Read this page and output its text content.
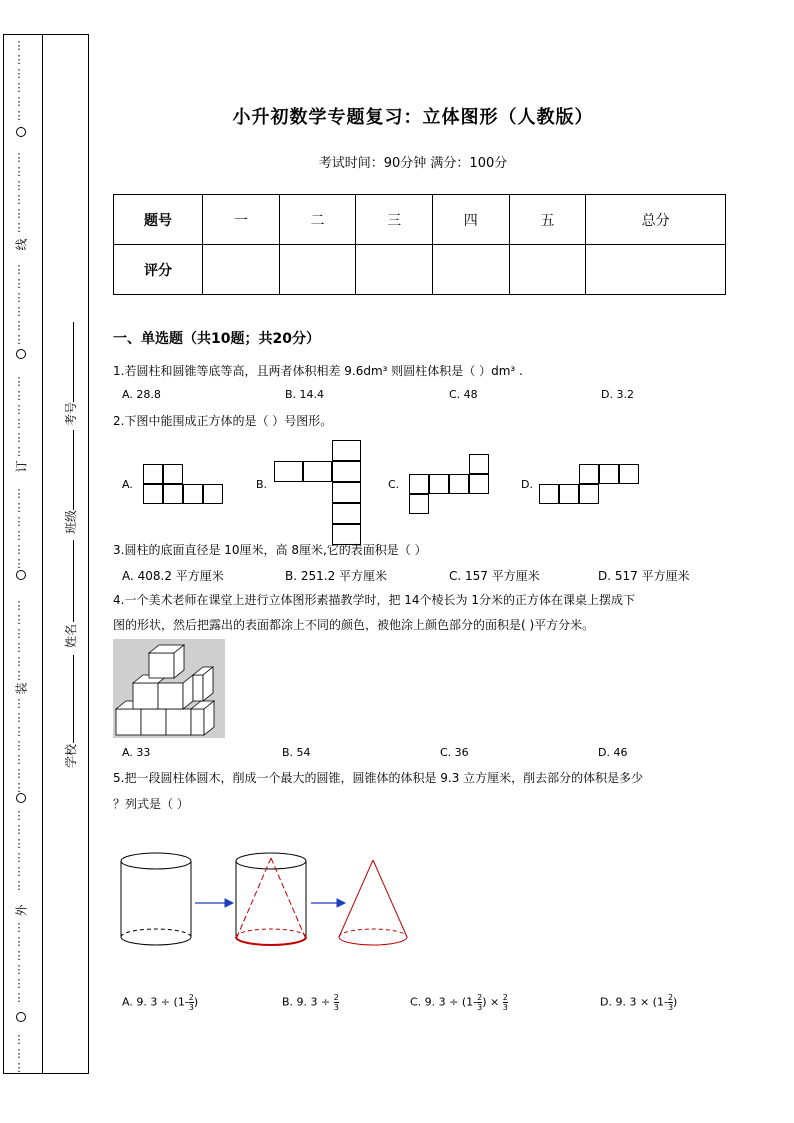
⋮
⋮
⋮
⋮
⋮
⋮
⋮
⋮
⋮
⋮
⋮
⋮
⋮
⋮
⋮
⋮
⋮
⋮
⋮
⋮
⋮
⋮
⋮
⋮
⋮
⋮
⋮
⋮
⋮
⋮
⋮
⋮
⋮
⋮
⋮
⋮
⋮
⋮
⋮
⋮
⋮
⋮
⋮
⋮
⋮
⋮
⋮
⋮
⋮
⋮
⋮
⋮
⋮
⋮
⋮
⋮
⋮
⋮
线
订
装
外
考号
班级
姓名
学校
小升初数学专题复习：立体图形（人教版）
考试时间：90分钟 满分：100分
题号	一	二	三	四	五	总分
评分						
一、单选题（共10题；共20分）
1.若圆柱和圆锥等底等高，且两者体积相差 9.6dm³ 则圆柱体积是（ ）dm³ .
A. 28.8	B. 14.4	C. 48	D. 3.2
2.下图中能围成正方体的是（ ）号图形。
A.	B.	C.	D.
3.圆柱的底面直径是 10厘米，高 8厘米,它的表面积是（ ）
A. 408.2 平方厘米	B. 251.2 平方厘米	C. 157 平方厘米	D. 517 平方厘米
4.一个美术老师在课堂上进行立体图形素描教学时，把 14个棱长为 1分米的正方体在课桌上摆成下
图的形状，然后把露出的表面都涂上不同的颜色，被他涂上颜色部分的面积是( )平方分米。
A. 33	B. 54	C. 36	D. 46
5.把一段圆柱体圆木，削成一个最大的圆锥，圆锥体的体积是 9.3 立方厘米，削去部分的体积是多少
？列式是（ ）
A. 9. $3 \div (1- \frac{2}{3}$ )	B. 9. $3 \div \frac{2}{3}$	C. 9. $3 \div (1- \frac{2}{3}$ ) × $\frac{2}{3}$	D. 9. $3 \times (1- \frac{2}{3}$ )
